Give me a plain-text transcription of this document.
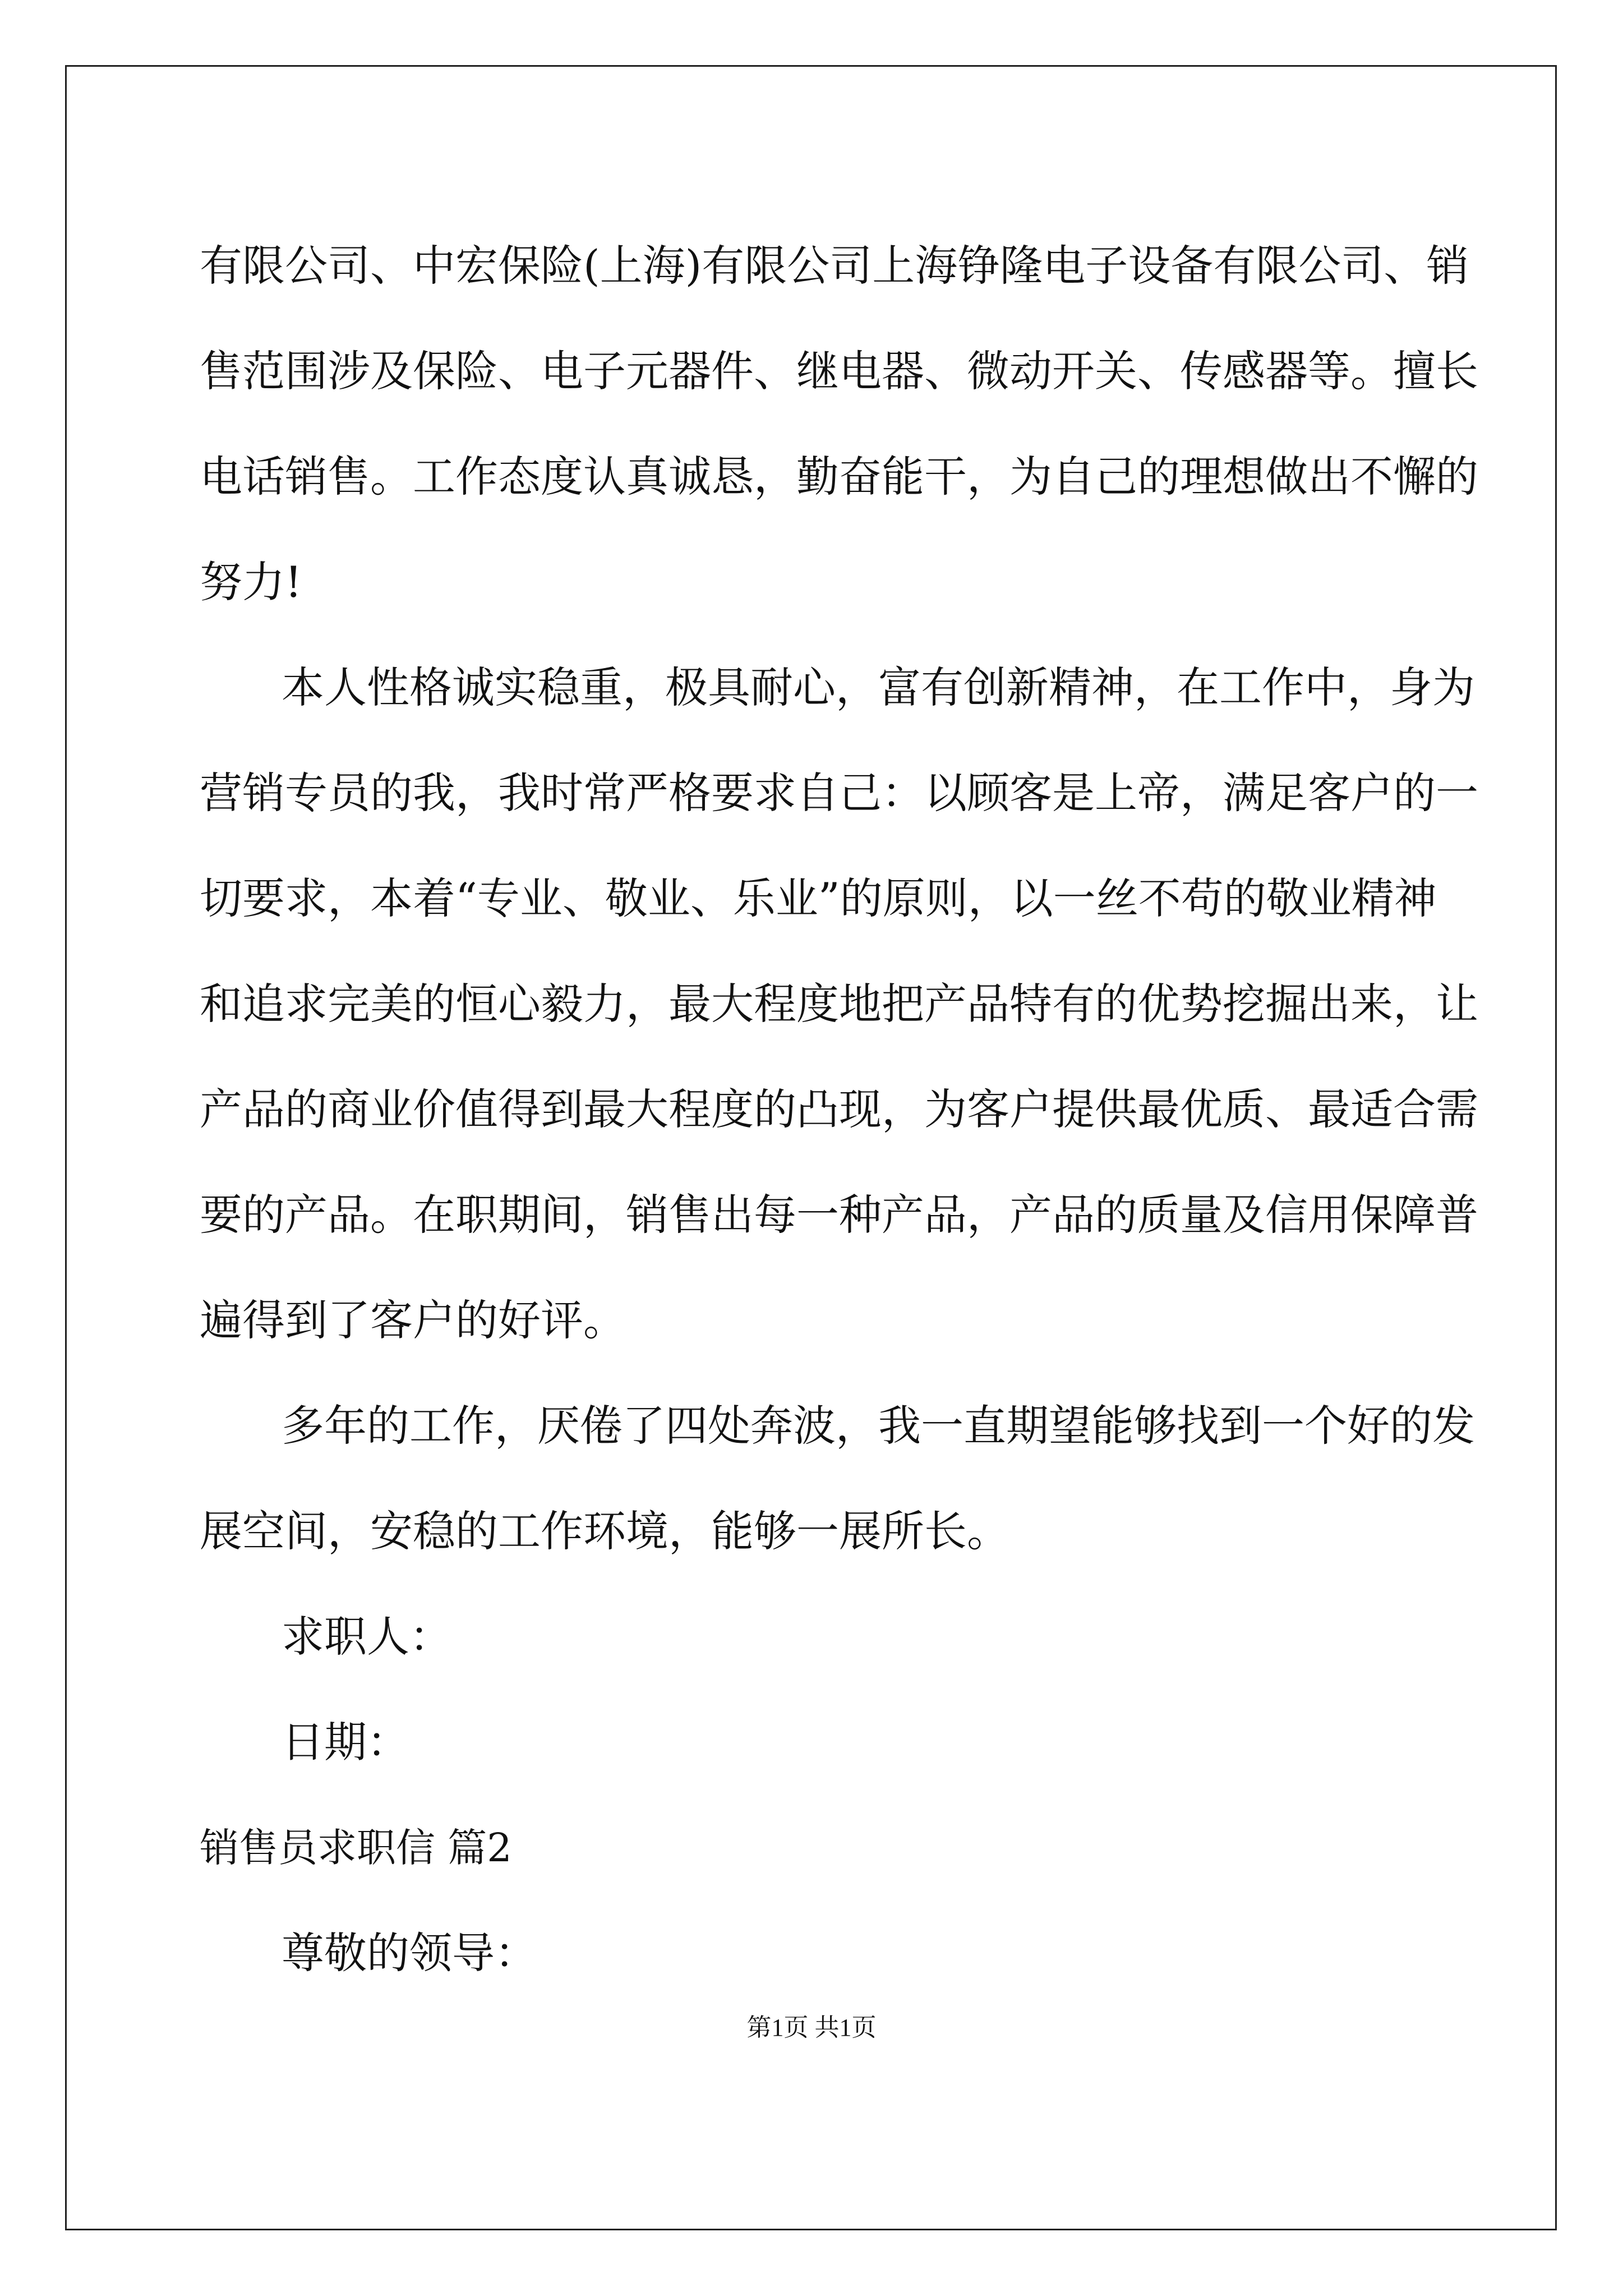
有限公司、中宏保险(上海)有限公司上海铮隆电子设备有限公司、销
售范围涉及保险、电子元器件、继电器、微动开关、传感器等。擅长
电话销售。工作态度认真诚恳，勤奋能干，为自己的理想做出不懈的
努力!
本人性格诚实稳重，极具耐心，富有创新精神，在工作中，身为
营销专员的我，我时常严格要求自己：以顾客是上帝，满足客户的一
切要求，本着“专业、敬业、乐业”的原则，以一丝不苟的敬业精神
和追求完美的恒心毅力，最大程度地把产品特有的优势挖掘出来，让
产品的商业价值得到最大程度的凸现，为客户提供最优质、最适合需
要的产品。在职期间，销售出每一种产品，产品的质量及信用保障普
遍得到了客户的好评。
多年的工作，厌倦了四处奔波，我一直期望能够找到一个好的发
展空间，安稳的工作环境，能够一展所长。
求职人：
日期：
销售员求职信 篇2
尊敬的领导：
第1页 共1页
